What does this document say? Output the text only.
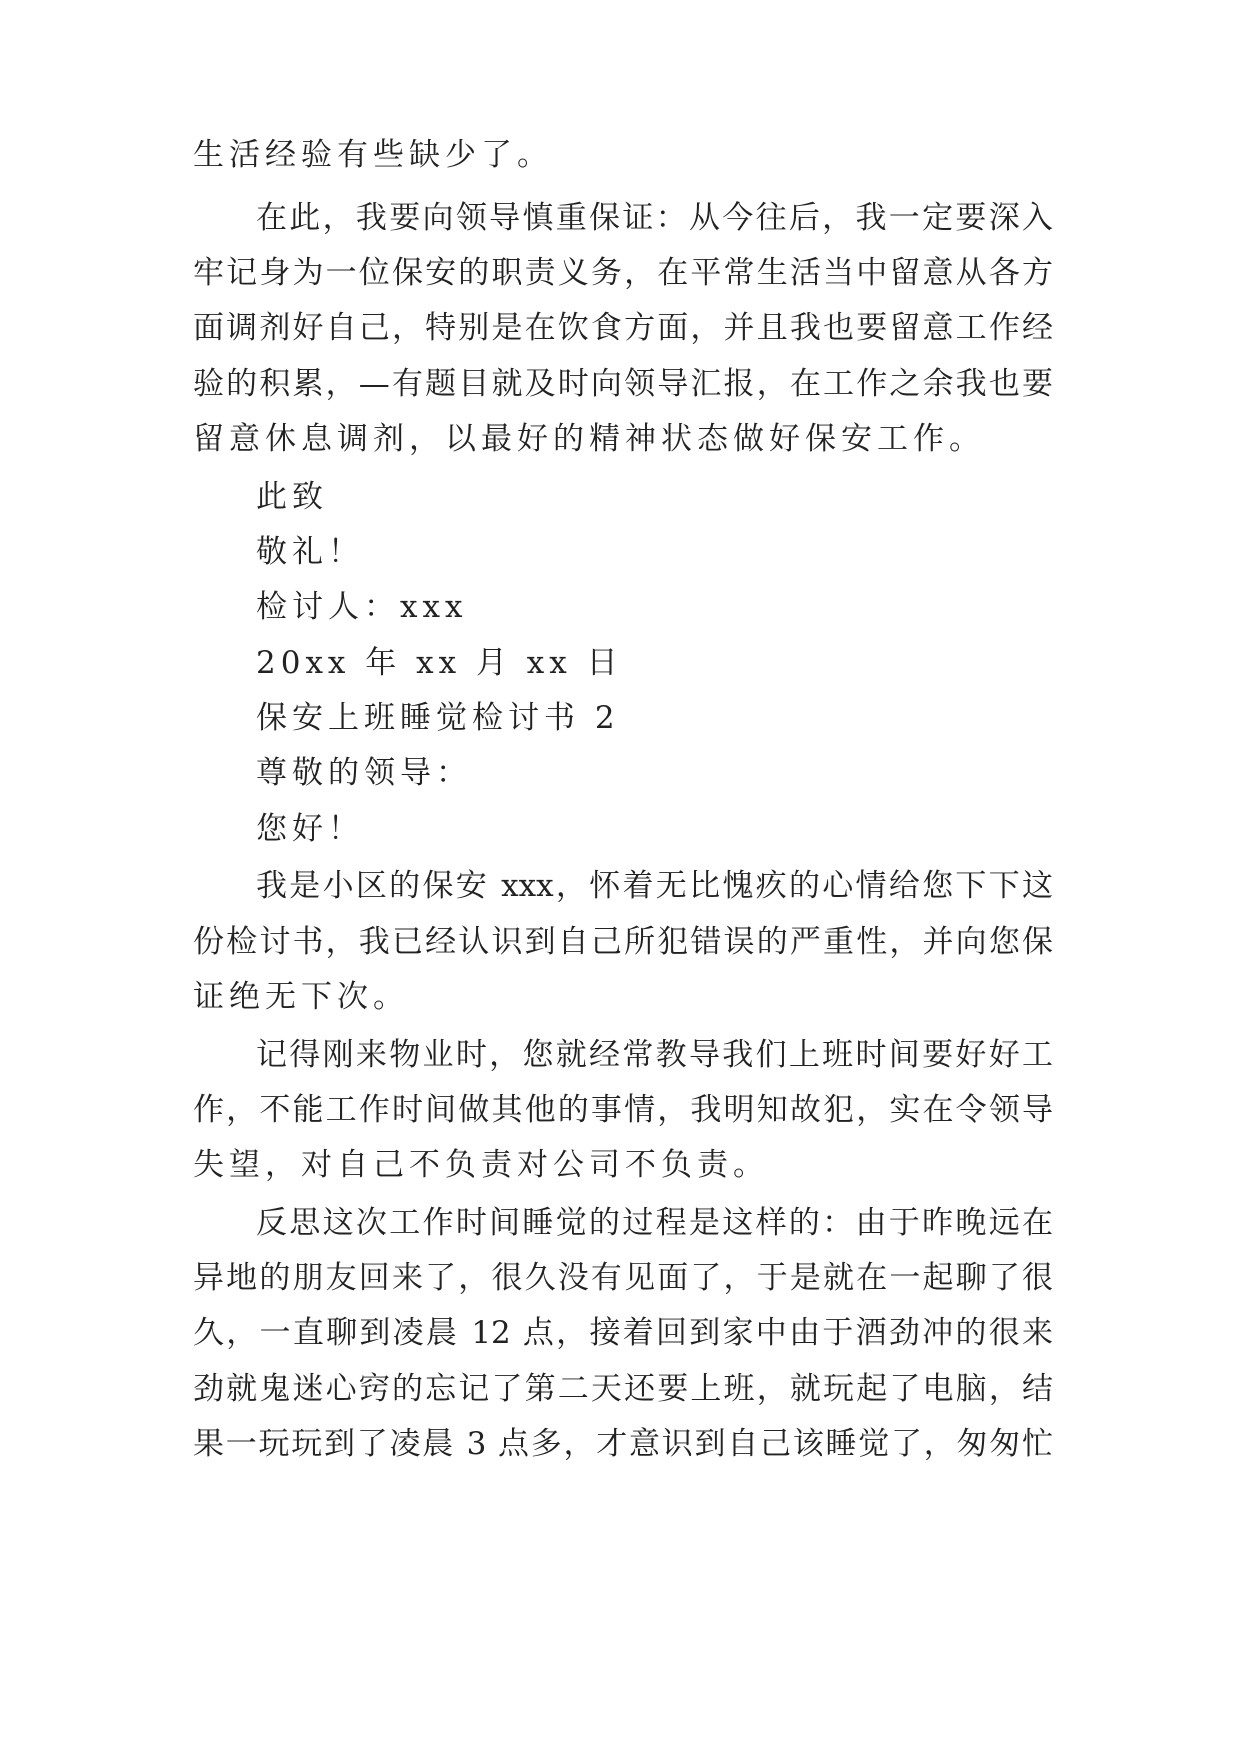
生活经验有些缺少了。
在此，我要向领导慎重保证：从今往后，我一定要深入
牢记身为一位保安的职责义务，在平常生活当中留意从各方
面调剂好自己，特别是在饮食方面，并且我也要留意工作经
验的积累，—有题目就及时向领导汇报，在工作之余我也要
留意休息调剂，以最好的精神状态做好保安工作。
此致
敬礼！
检讨人：xxx
20xx 年 xx 月 xx 日
保安上班睡觉检讨书 2
尊敬的领导：
您好！
我是小区的保安 xxx，怀着无比愧疚的心情给您下下这
份检讨书，我已经认识到自己所犯错误的严重性，并向您保
证绝无下次。
记得刚来物业时，您就经常教导我们上班时间要好好工
作，不能工作时间做其他的事情，我明知故犯，实在令领导
失望，对自己不负责对公司不负责。
反思这次工作时间睡觉的过程是这样的：由于昨晚远在
异地的朋友回来了，很久没有见面了，于是就在一起聊了很
久，一直聊到凌晨 12 点，接着回到家中由于酒劲冲的很来
劲就鬼迷心窍的忘记了第二天还要上班，就玩起了电脑，结
果一玩玩到了凌晨 3 点多，才意识到自己该睡觉了，匆匆忙
